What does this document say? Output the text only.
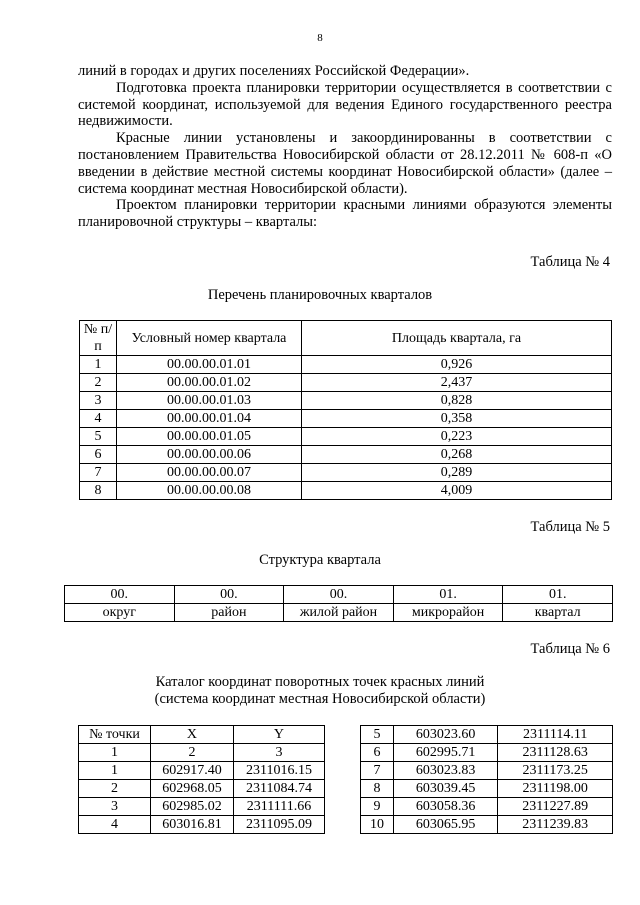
8

линий в городах и других поселениях Российской Федерации».

Подготовка проекта планировки территории осуществляется в соответствии с системой координат, используемой для ведения Единого государственного реестра недвижимости.

Красные линии установлены и закоординированны в соответствии с постановлением Правительства Новосибирской области от 28.12.2011 № 608-п «О введении в действие местной системы координат Новосибирской области» (далее – система координат местная Новосибирской области).

Проектом планировки территории красными линиями образуются элементы планировочной структуры – кварталы:

Таблица № 4
Перечень планировочных кварталов
№ п/п	Условный номер квартала	Площадь квартала, га
1	00.00.00.01.01	0,926
2	00.00.00.01.02	2,437
3	00.00.00.01.03	0,828
4	00.00.00.01.04	0,358
5	00.00.00.01.05	0,223
6	00.00.00.00.06	0,268
7	00.00.00.00.07	0,289
8	00.00.00.00.08	4,009
Таблица № 5
Структура квартала
00.	00.	00.	01.	01.
округ	район	жилой район	микрорайон	квартал
Таблица № 6
Каталог координат поворотных точек красных линий
(система координат местная Новосибирской области)
№ точки	X	Y
1	2	3
1	602917.40	2311016.15
2	602968.05	2311084.74
3	602985.02	2311111.66
4	603016.81	2311095.09
5	603023.60	2311114.11
6	602995.71	2311128.63
7	603023.83	2311173.25
8	603039.45	2311198.00
9	603058.36	2311227.89
10	603065.95	2311239.83
